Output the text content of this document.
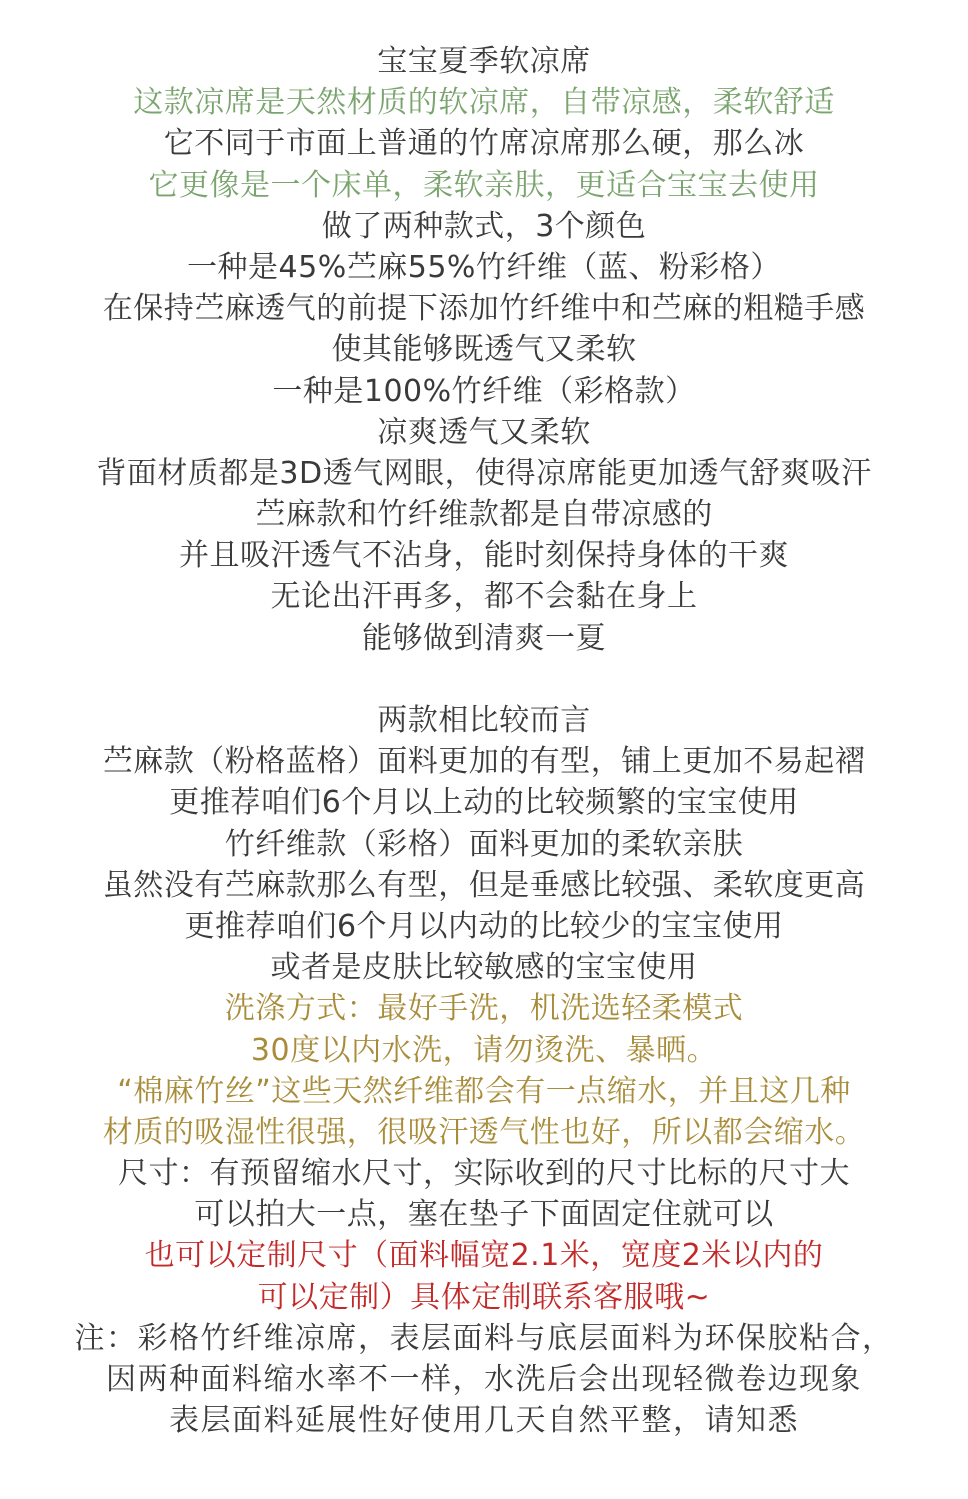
宝宝夏季软凉席
这款凉席是天然材质的软凉席，自带凉感，柔软舒适
它不同于市面上普通的竹席凉席那么硬，那么冰
它更像是一个床单，柔软亲肤，更适合宝宝去使用
做了两种款式，3个颜色
一种是45%苎麻55%竹纤维（蓝、粉彩格）
在保持苎麻透气的前提下添加竹纤维中和苎麻的粗糙手感
使其能够既透气又柔软
一种是100%竹纤维（彩格款）
凉爽透气又柔软
背面材质都是3D透气网眼，使得凉席能更加透气舒爽吸汗
苎麻款和竹纤维款都是自带凉感的
并且吸汗透气不沾身，能时刻保持身体的干爽
无论出汗再多，都不会黏在身上
能够做到清爽一夏
两款相比较而言
苎麻款（粉格蓝格）面料更加的有型，铺上更加不易起褶
更推荐咱们6个月以上动的比较频繁的宝宝使用
竹纤维款（彩格）面料更加的柔软亲肤
虽然没有苎麻款那么有型，但是垂感比较强、柔软度更高
更推荐咱们6个月以内动的比较少的宝宝使用
或者是皮肤比较敏感的宝宝使用
洗涤方式：最好手洗，机洗选轻柔模式
30度以内水洗，请勿烫洗、暴晒。
“棉麻竹丝”这些天然纤维都会有一点缩水，并且这几种
材质的吸湿性很强，很吸汗透气性也好，所以都会缩水。
尺寸：有预留缩水尺寸，实际收到的尺寸比标的尺寸大
可以拍大一点，塞在垫子下面固定住就可以
也可以定制尺寸（面料幅宽2.1米，宽度2米以内的
可以定制）具体定制联系客服哦~
注：彩格竹纤维凉席，表层面料与底层面料为环保胶粘合，
因两种面料缩水率不一样，水洗后会出现轻微卷边现象
表层面料延展性好使用几天自然平整，请知悉
